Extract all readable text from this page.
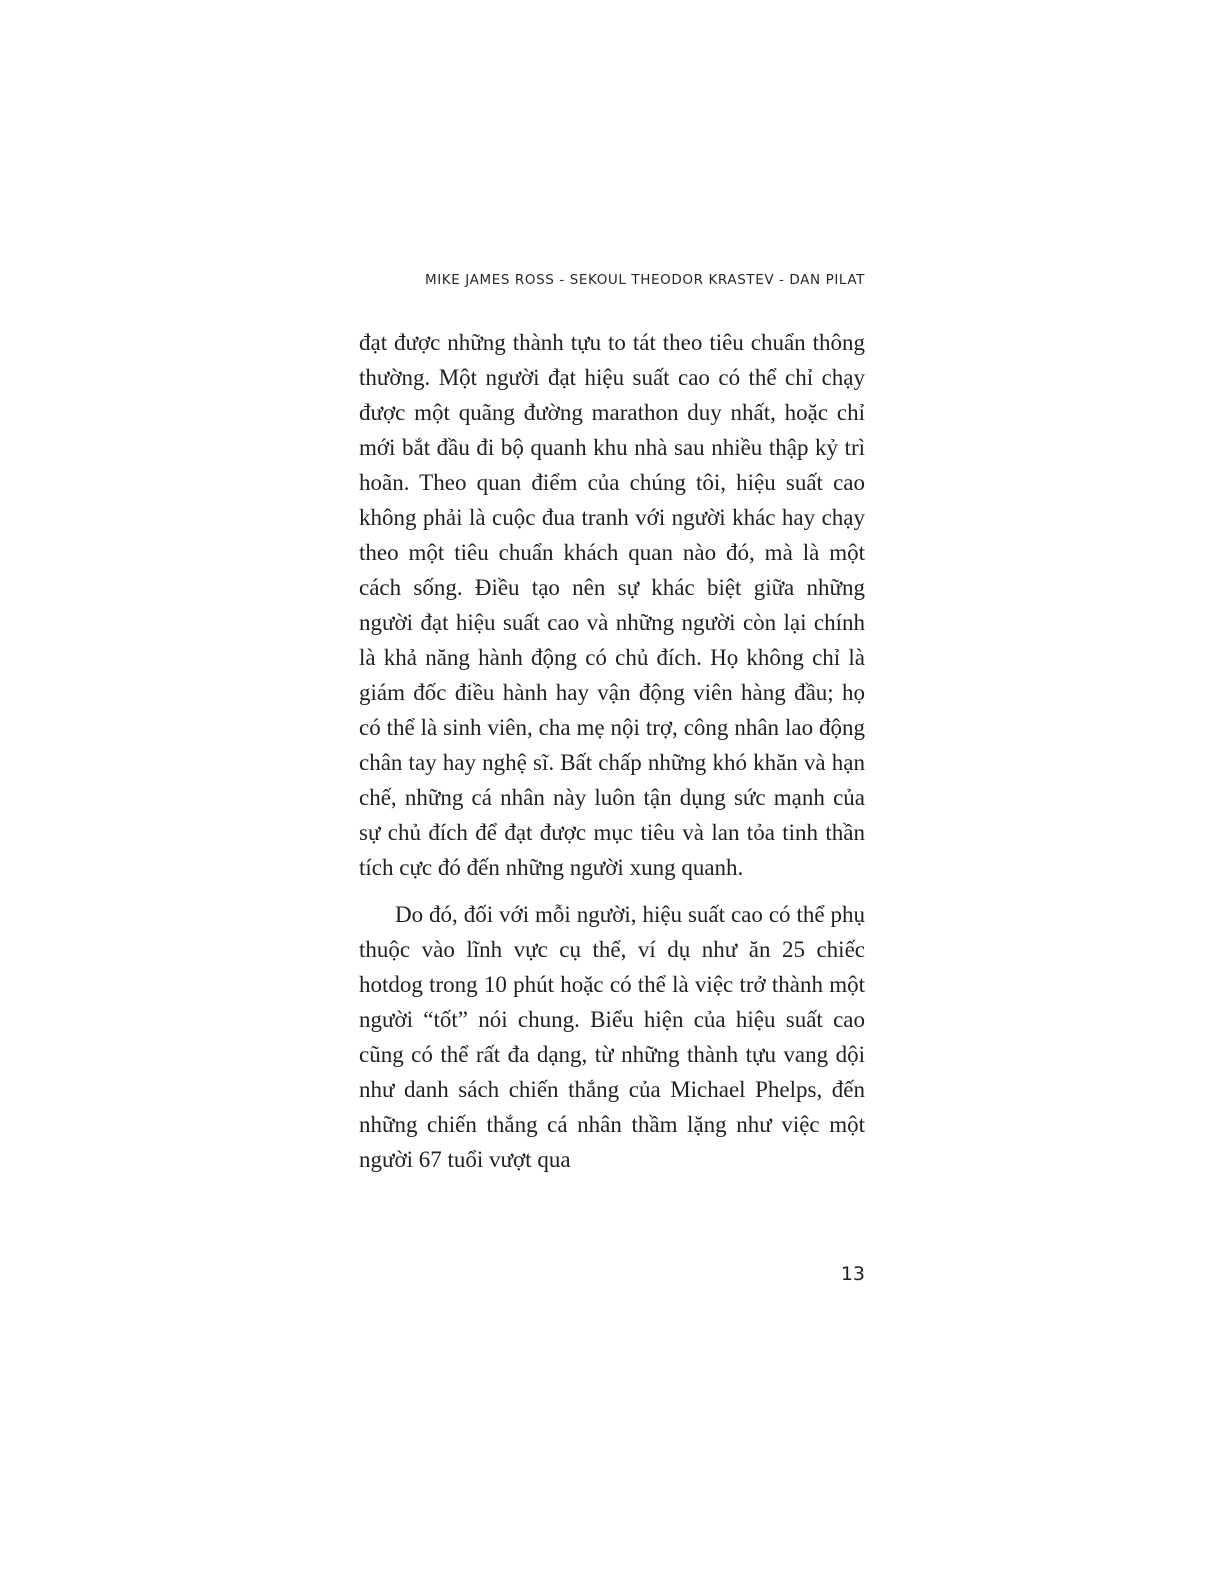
MIKE JAMES ROSS - SEKOUL THEODOR KRASTEV - DAN PILAT

đạt được những thành tựu to tát theo tiêu chuẩn thông thường. Một người đạt hiệu suất cao có thể chỉ chạy được một quãng đường marathon duy nhất, hoặc chỉ mới bắt đầu đi bộ quanh khu nhà sau nhiều thập kỷ trì hoãn. Theo quan điểm của chúng tôi, hiệu suất cao không phải là cuộc đua tranh với người khác hay chạy theo một tiêu chuẩn khách quan nào đó, mà là một cách sống. Điều tạo nên sự khác biệt giữa những người đạt hiệu suất cao và những người còn lại chính là khả năng hành động có chủ đích. Họ không chỉ là giám đốc điều hành hay vận động viên hàng đầu; họ có thể là sinh viên, cha mẹ nội trợ, công nhân lao động chân tay hay nghệ sĩ. Bất chấp những khó khăn và hạn chế, những cá nhân này luôn tận dụng sức mạnh của sự chủ đích để đạt được mục tiêu và lan tỏa tinh thần tích cực đó đến những người xung quanh.

Do đó, đối với mỗi người, hiệu suất cao có thể phụ thuộc vào lĩnh vực cụ thể, ví dụ như ăn 25 chiếc hotdog trong 10 phút hoặc có thể là việc trở thành một người “tốt” nói chung. Biểu hiện của hiệu suất cao cũng có thể rất đa dạng, từ những thành tựu vang dội như danh sách chiến thắng của Michael Phelps, đến những chiến thắng cá nhân thầm lặng như việc một người 67 tuổi vượt qua

13
